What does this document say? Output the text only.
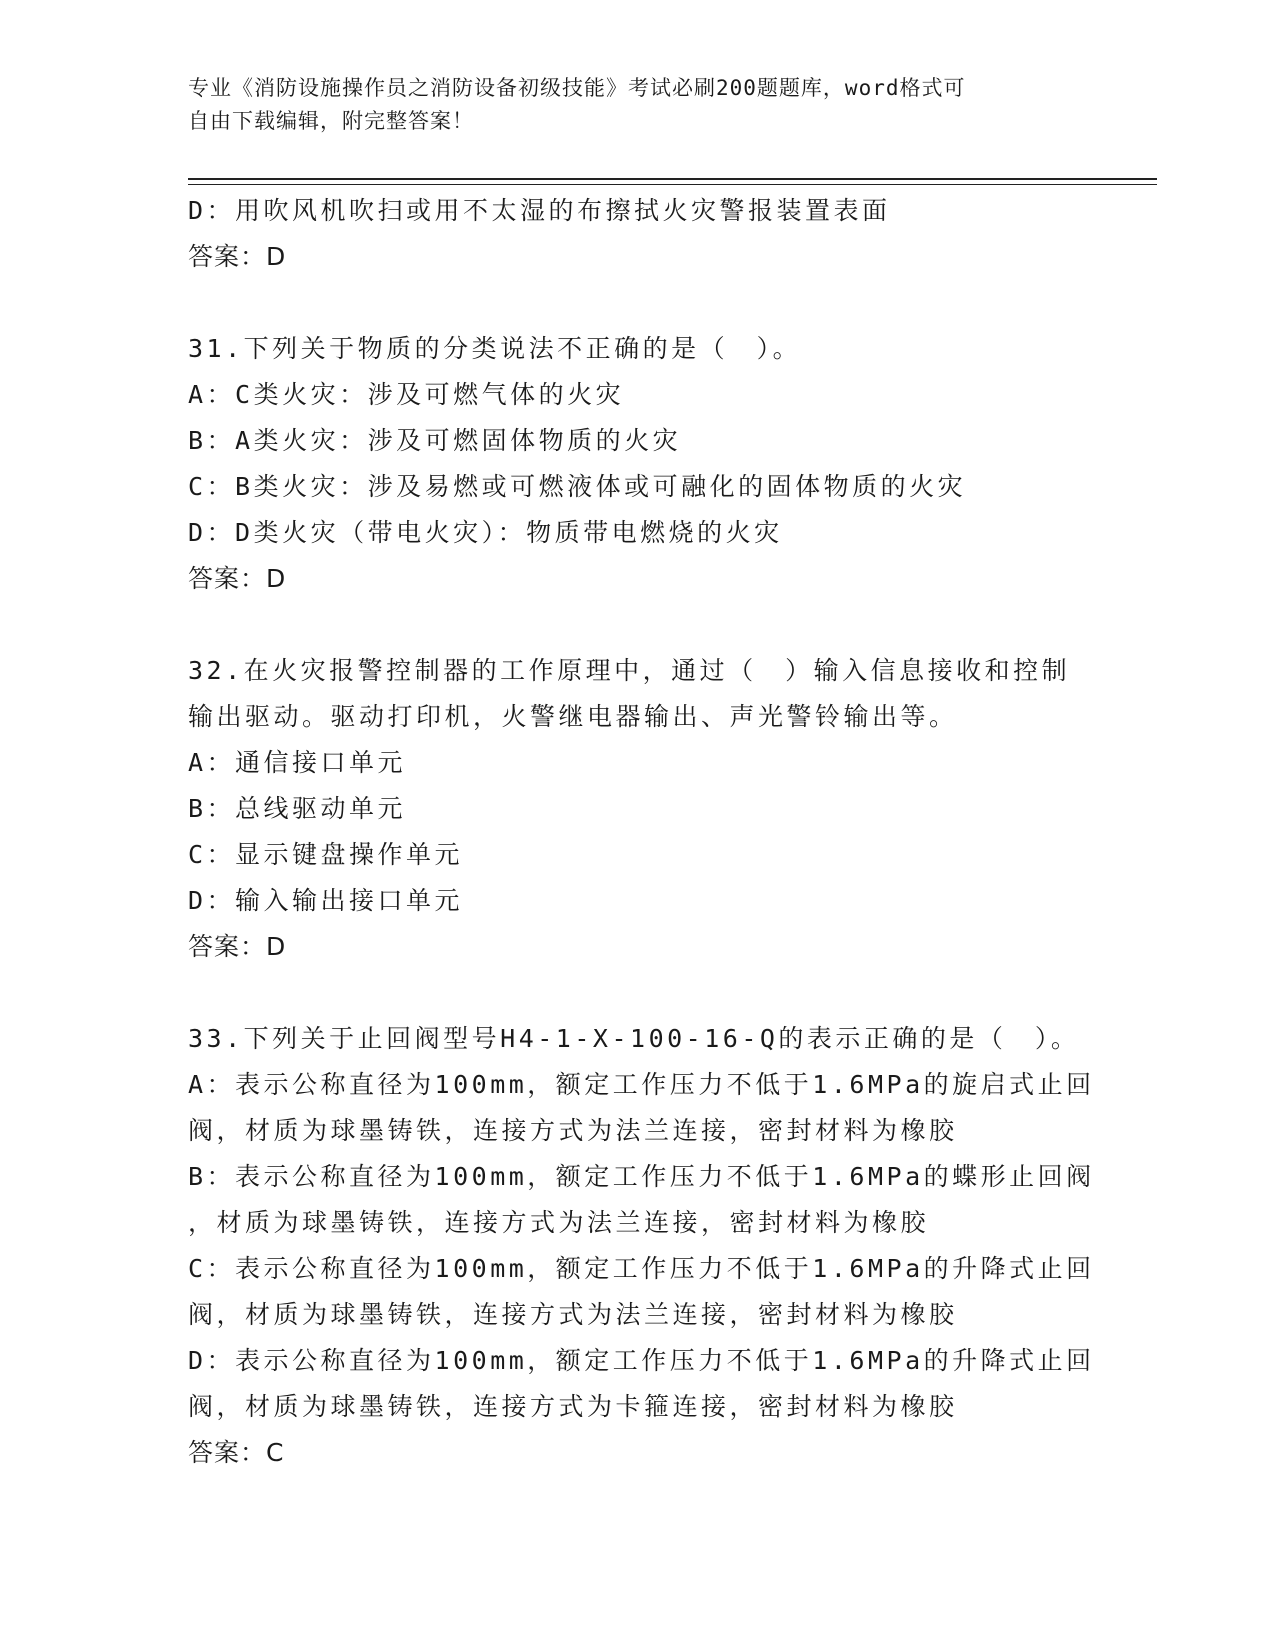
专业《消防设施操作员之消防设备初级技能》考试必刷200题题库，word格式可
自由下载编辑，附完整答案！
D：用吹风机吹扫或用不太湿的布擦拭火灾警报装置表面
答案：D
31.下列关于物质的分类说法不正确的是（　）。
A：C类火灾：涉及可燃气体的火灾
B：A类火灾：涉及可燃固体物质的火灾
C：B类火灾：涉及易燃或可燃液体或可融化的固体物质的火灾
D：D类火灾（带电火灾）：物质带电燃烧的火灾
答案：D
32.在火灾报警控制器的工作原理中，通过（　）输入信息接收和控制
输出驱动。驱动打印机，火警继电器输出、声光警铃输出等。
A：通信接口单元
B：总线驱动单元
C：显示键盘操作单元
D：输入输出接口单元
答案：D
33.下列关于止回阀型号H4-1-X-100-16-Q的表示正确的是（　）。
A：表示公称直径为100mm，额定工作压力不低于1.6MPa的旋启式止回
阀，材质为球墨铸铁，连接方式为法兰连接，密封材料为橡胶
B：表示公称直径为100mm，额定工作压力不低于1.6MPa的蝶形止回阀
，材质为球墨铸铁，连接方式为法兰连接，密封材料为橡胶
C：表示公称直径为100mm，额定工作压力不低于1.6MPa的升降式止回
阀，材质为球墨铸铁，连接方式为法兰连接，密封材料为橡胶
D：表示公称直径为100mm，额定工作压力不低于1.6MPa的升降式止回
阀，材质为球墨铸铁，连接方式为卡箍连接，密封材料为橡胶
答案：C
